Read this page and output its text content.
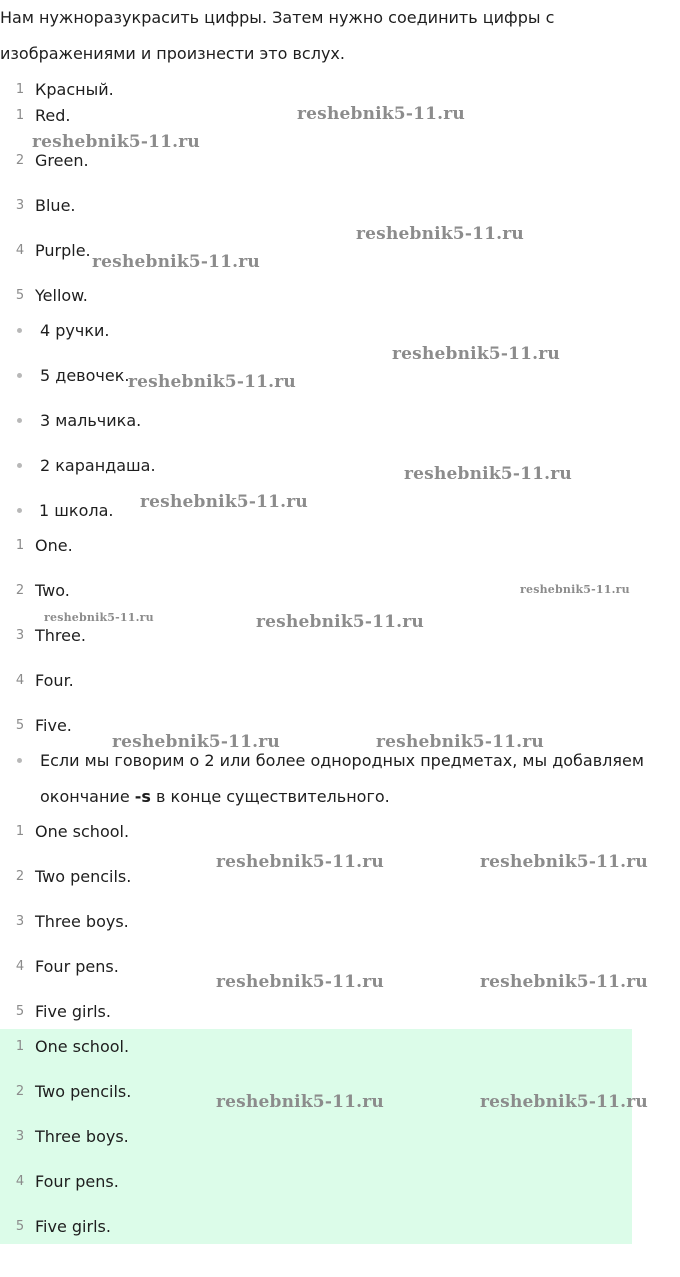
Нам нужноразукрасить цифры. Затем нужно соединить цифры с изображениями и произнести это вслух.
1 Красный.
1 Red.
2 Green.
3 Blue.
4 Purple.
5 Yellow.
4 ручки.
5 девочек.
3 мальчика.
2 карандаша.
1 школа.
1 One.
2 Two.
3 Three.
4 Four.
5 Five.
Если мы говорим о 2 или более однородных предметах, мы добавляем окончание -s в конце существительного.
1 One school.
2 Two pencils.
3 Three boys.
4 Four pens.
5 Five girls.
1 One school.
2 Two pencils.
3 Three boys.
4 Four pens.
5 Five girls.
reshebnik5-11.ru
reshebnik5-11.ru
reshebnik5-11.ru
reshebnik5-11.ru
reshebnik5-11.ru
reshebnik5-11.ru
reshebnik5-11.ru
reshebnik5-11.ru
reshebnik5-11.ru
reshebnik5-11.ru	reshebnik5-11.ru
reshebnik5-11.ru	reshebnik5-11.ru
reshebnik5-11.ru	reshebnik5-11.ru
reshebnik5-11.ru	reshebnik5-11.ru
reshebnik5-11.ru	reshebnik5-11.ru
